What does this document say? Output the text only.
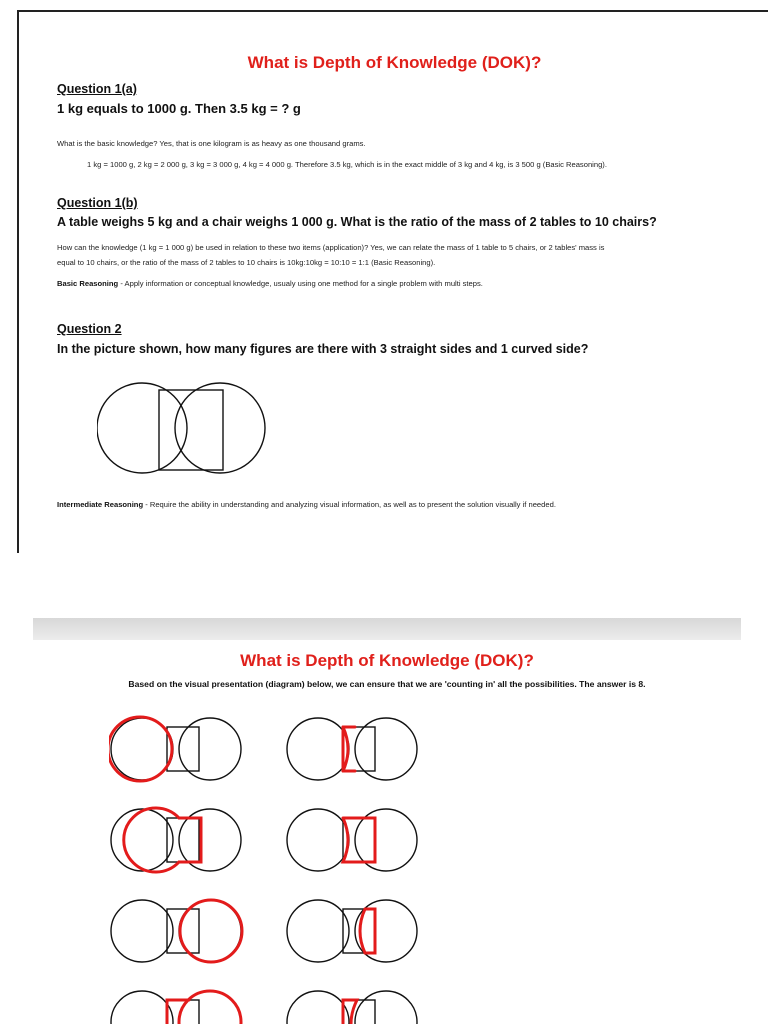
What is Depth of Knowledge (DOK)?
Question 1(a)
1 kg equals to 1000 g. Then 3.5 kg = ? g
What is the basic knowledge? Yes, that is one kilogram is as heavy as one thousand grams.
1 kg = 1000 g, 2 kg = 2 000 g, 3 kg = 3 000 g, 4 kg = 4 000 g. Therefore 3.5 kg, which is in the exact middle of 3 kg and 4 kg, is 3 500 g (Basic Reasoning).
Question 1(b)
A table weighs 5 kg and a chair weighs 1 000 g. What is the ratio of the mass of 2 tables to 10 chairs?
How can the knowledge (1 kg = 1 000 g) be used in relation to these two items (application)? Yes, we can relate the mass of 1 table to 5 chairs, or 2 tables' mass is
equal to 10 chairs, or the ratio of the mass of 2 tables to 10 chairs is 10kg:10kg = 10:10 = 1:1 (Basic Reasoning).
Basic Reasoning - Apply information or conceptual knowledge, usualy using one method for a single problem with multi steps.
Question 2
In the picture shown, how many figures are there with 3 straight sides and 1 curved side?
Intermediate Reasoning - Require the ability in understanding and analyzing visual information, as well as to present the solution visually if needed.
What is Depth of Knowledge (DOK)?
Based on the visual presentation (diagram) below, we can ensure that we are 'counting in' all the possibilities. The answer is 8.
